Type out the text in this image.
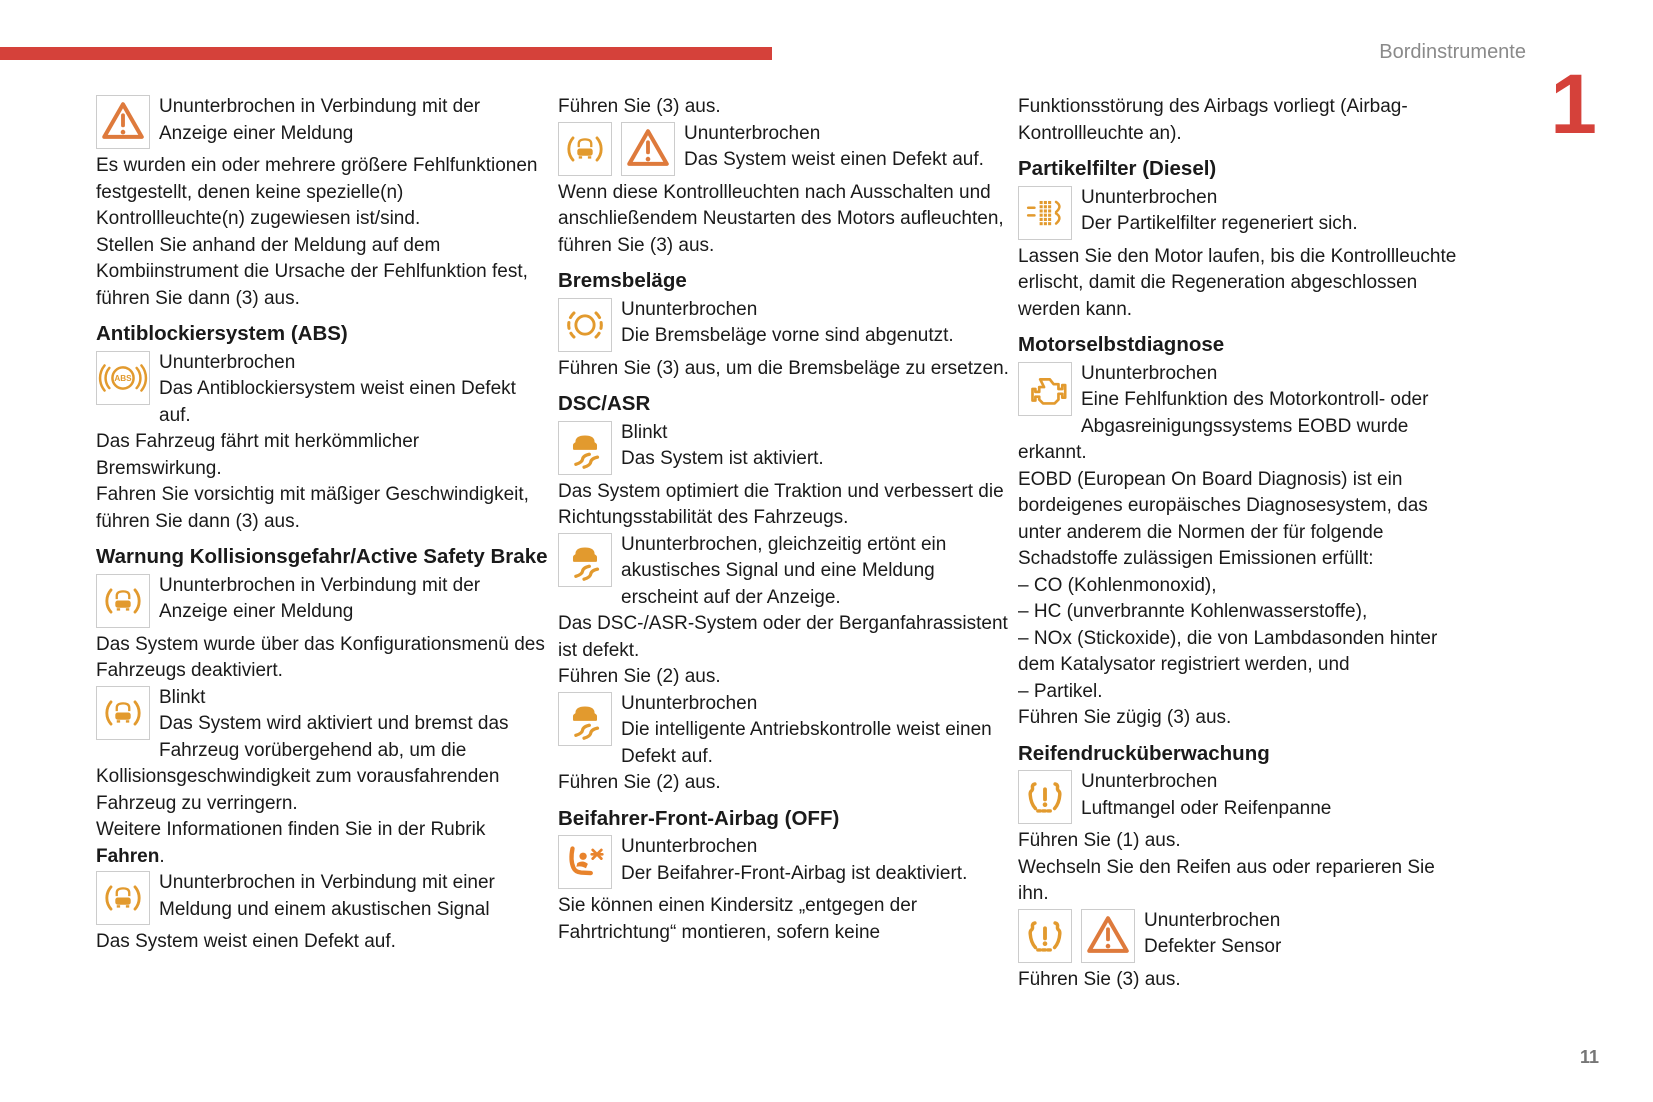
Bordinstrumente
1
11
Ununterbrochen in Verbindung mit der Anzeige einer Meldung

Es wurden ein oder mehrere größere Fehlfunktionen festgestellt, denen keine spezielle(n) Kontrollleuchte(n) zugewiesen ist/sind.

Stellen Sie anhand der Meldung auf dem Kombiinstrument die Ursache der Fehlfunktion fest, führen Sie dann (3) aus.

Antiblockiersystem (ABS)
Ununterbrochen
Das Antiblockiersystem weist einen Defekt auf.

Das Fahrzeug fährt mit herkömmlicher Bremswirkung.

Fahren Sie vorsichtig mit mäßiger Geschwindigkeit, führen Sie dann (3) aus.

Warnung Kollisionsgefahr/Active Safety Brake
Ununterbrochen in Verbindung mit der Anzeige einer Meldung

Das System wurde über das Konfigurationsmenü des Fahrzeugs deaktiviert.

Blinkt
Das System wird aktiviert und bremst das Fahrzeug vorübergehend ab, um die Kollisionsgeschwindigkeit zum vorausfahrenden Fahrzeug zu verringern.

Weitere Informationen finden Sie in der Rubrik Fahren.

Ununterbrochen in Verbindung mit einer Meldung und einem akustischen Signal
Das System weist einen Defekt auf.

Führen Sie (3) aus.

Ununterbrochen
Das System weist einen Defekt auf.

Wenn diese Kontrollleuchten nach Ausschalten und anschließendem Neustarten des Motors aufleuchten, führen Sie (3) aus.

Bremsbeläge
Ununterbrochen
Die Bremsbeläge vorne sind abgenutzt.

Führen Sie (3) aus, um die Bremsbeläge zu ersetzen.

DSC/ASR
Blinkt
Das System ist aktiviert.

Das System optimiert die Traktion und verbessert die Richtungsstabilität des Fahrzeugs.

Ununterbrochen, gleichzeitig ertönt ein akustisches Signal und eine Meldung erscheint auf der Anzeige.

Das DSC-/ASR-System oder der Berganfahrassistent ist defekt.

Führen Sie (2) aus.

Ununterbrochen
Die intelligente Antriebskontrolle weist einen Defekt auf.

Führen Sie (2) aus.

Beifahrer-Front-Airbag (OFF)
Ununterbrochen
Der Beifahrer-Front-Airbag ist deaktiviert.

Sie können einen Kindersitz „entgegen der Fahrtrichtung“ montieren, sofern keine

Funktionsstörung des Airbags vorliegt (Airbag-Kontrollleuchte an).

Partikelfilter (Diesel)
Ununterbrochen
Der Partikelfilter regeneriert sich.

Lassen Sie den Motor laufen, bis die Kontrollleuchte erlischt, damit die Regeneration abgeschlossen werden kann.

Motorselbstdiagnose
Ununterbrochen
Eine Fehlfunktion des Motorkontroll- oder Abgasreinigungssystems EOBD wurde erkannt.

EOBD (European On Board Diagnosis) ist ein bordeigenes europäisches Diagnosesystem, das unter anderem die Normen der für folgende Schadstoffe zulässigen Emissionen erfüllt:

– CO (Kohlenmonoxid),

– HC (unverbrannte Kohlenwasserstoffe),

– NOx (Stickoxide), die von Lambdasonden hinter dem Katalysator registriert werden, und

– Partikel.

Führen Sie zügig (3) aus.

Reifendrucküberwachung
Ununterbrochen
Luftmangel oder Reifenpanne

Führen Sie (1) aus.

Wechseln Sie den Reifen aus oder reparieren Sie ihn.

Ununterbrochen
Defekter Sensor

Führen Sie (3) aus.
